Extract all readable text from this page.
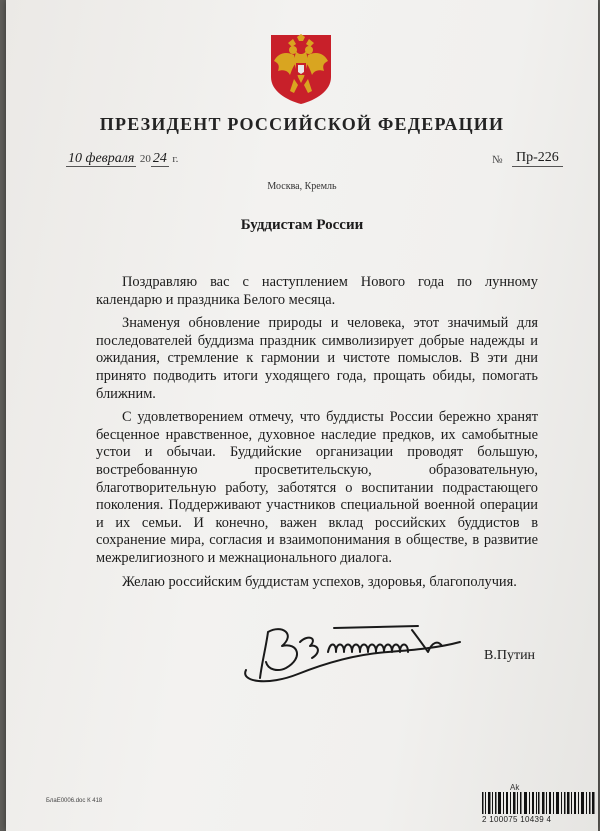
ПРЕЗИДЕНТ РОССИЙСКОЙ ФЕДЕРАЦИИ
10 февраля 20 24 г.	№ Пр-226
Москва, Кремль
Буддистам России

Поздравляю вас с наступлением Нового года по лунному календарю и праздника Белого месяца.

Знаменуя обновление природы и человека, этот значимый для последователей буддизма праздник символизирует добрые надежды и ожидания, стремление к гармонии и чистоте помыслов. В эти дни принято подводить итоги уходящего года, прощать обиды, помогать ближним.

С удовлетворением отмечу, что буддисты России бережно хранят бесценное нравственное, духовное наследие предков, их самобытные устои и обычаи. Буддийские организации проводят большую, востребованную просветительскую, образовательную, благотворительную работу, заботятся о воспитании подрастающего поколения. Поддерживают участников специальной военной операции и их семьи. И конечно, важен вклад российских буддистов в сохранение мира, согласия и взаимопонимания в обществе, в развитие межрелигиозного и межнационального диалога.

Желаю российским буддистам успехов, здоровья, благополучия.

В.Путин
БлаЕ0006.doc К 418
Ak
2 100075 10439 4
